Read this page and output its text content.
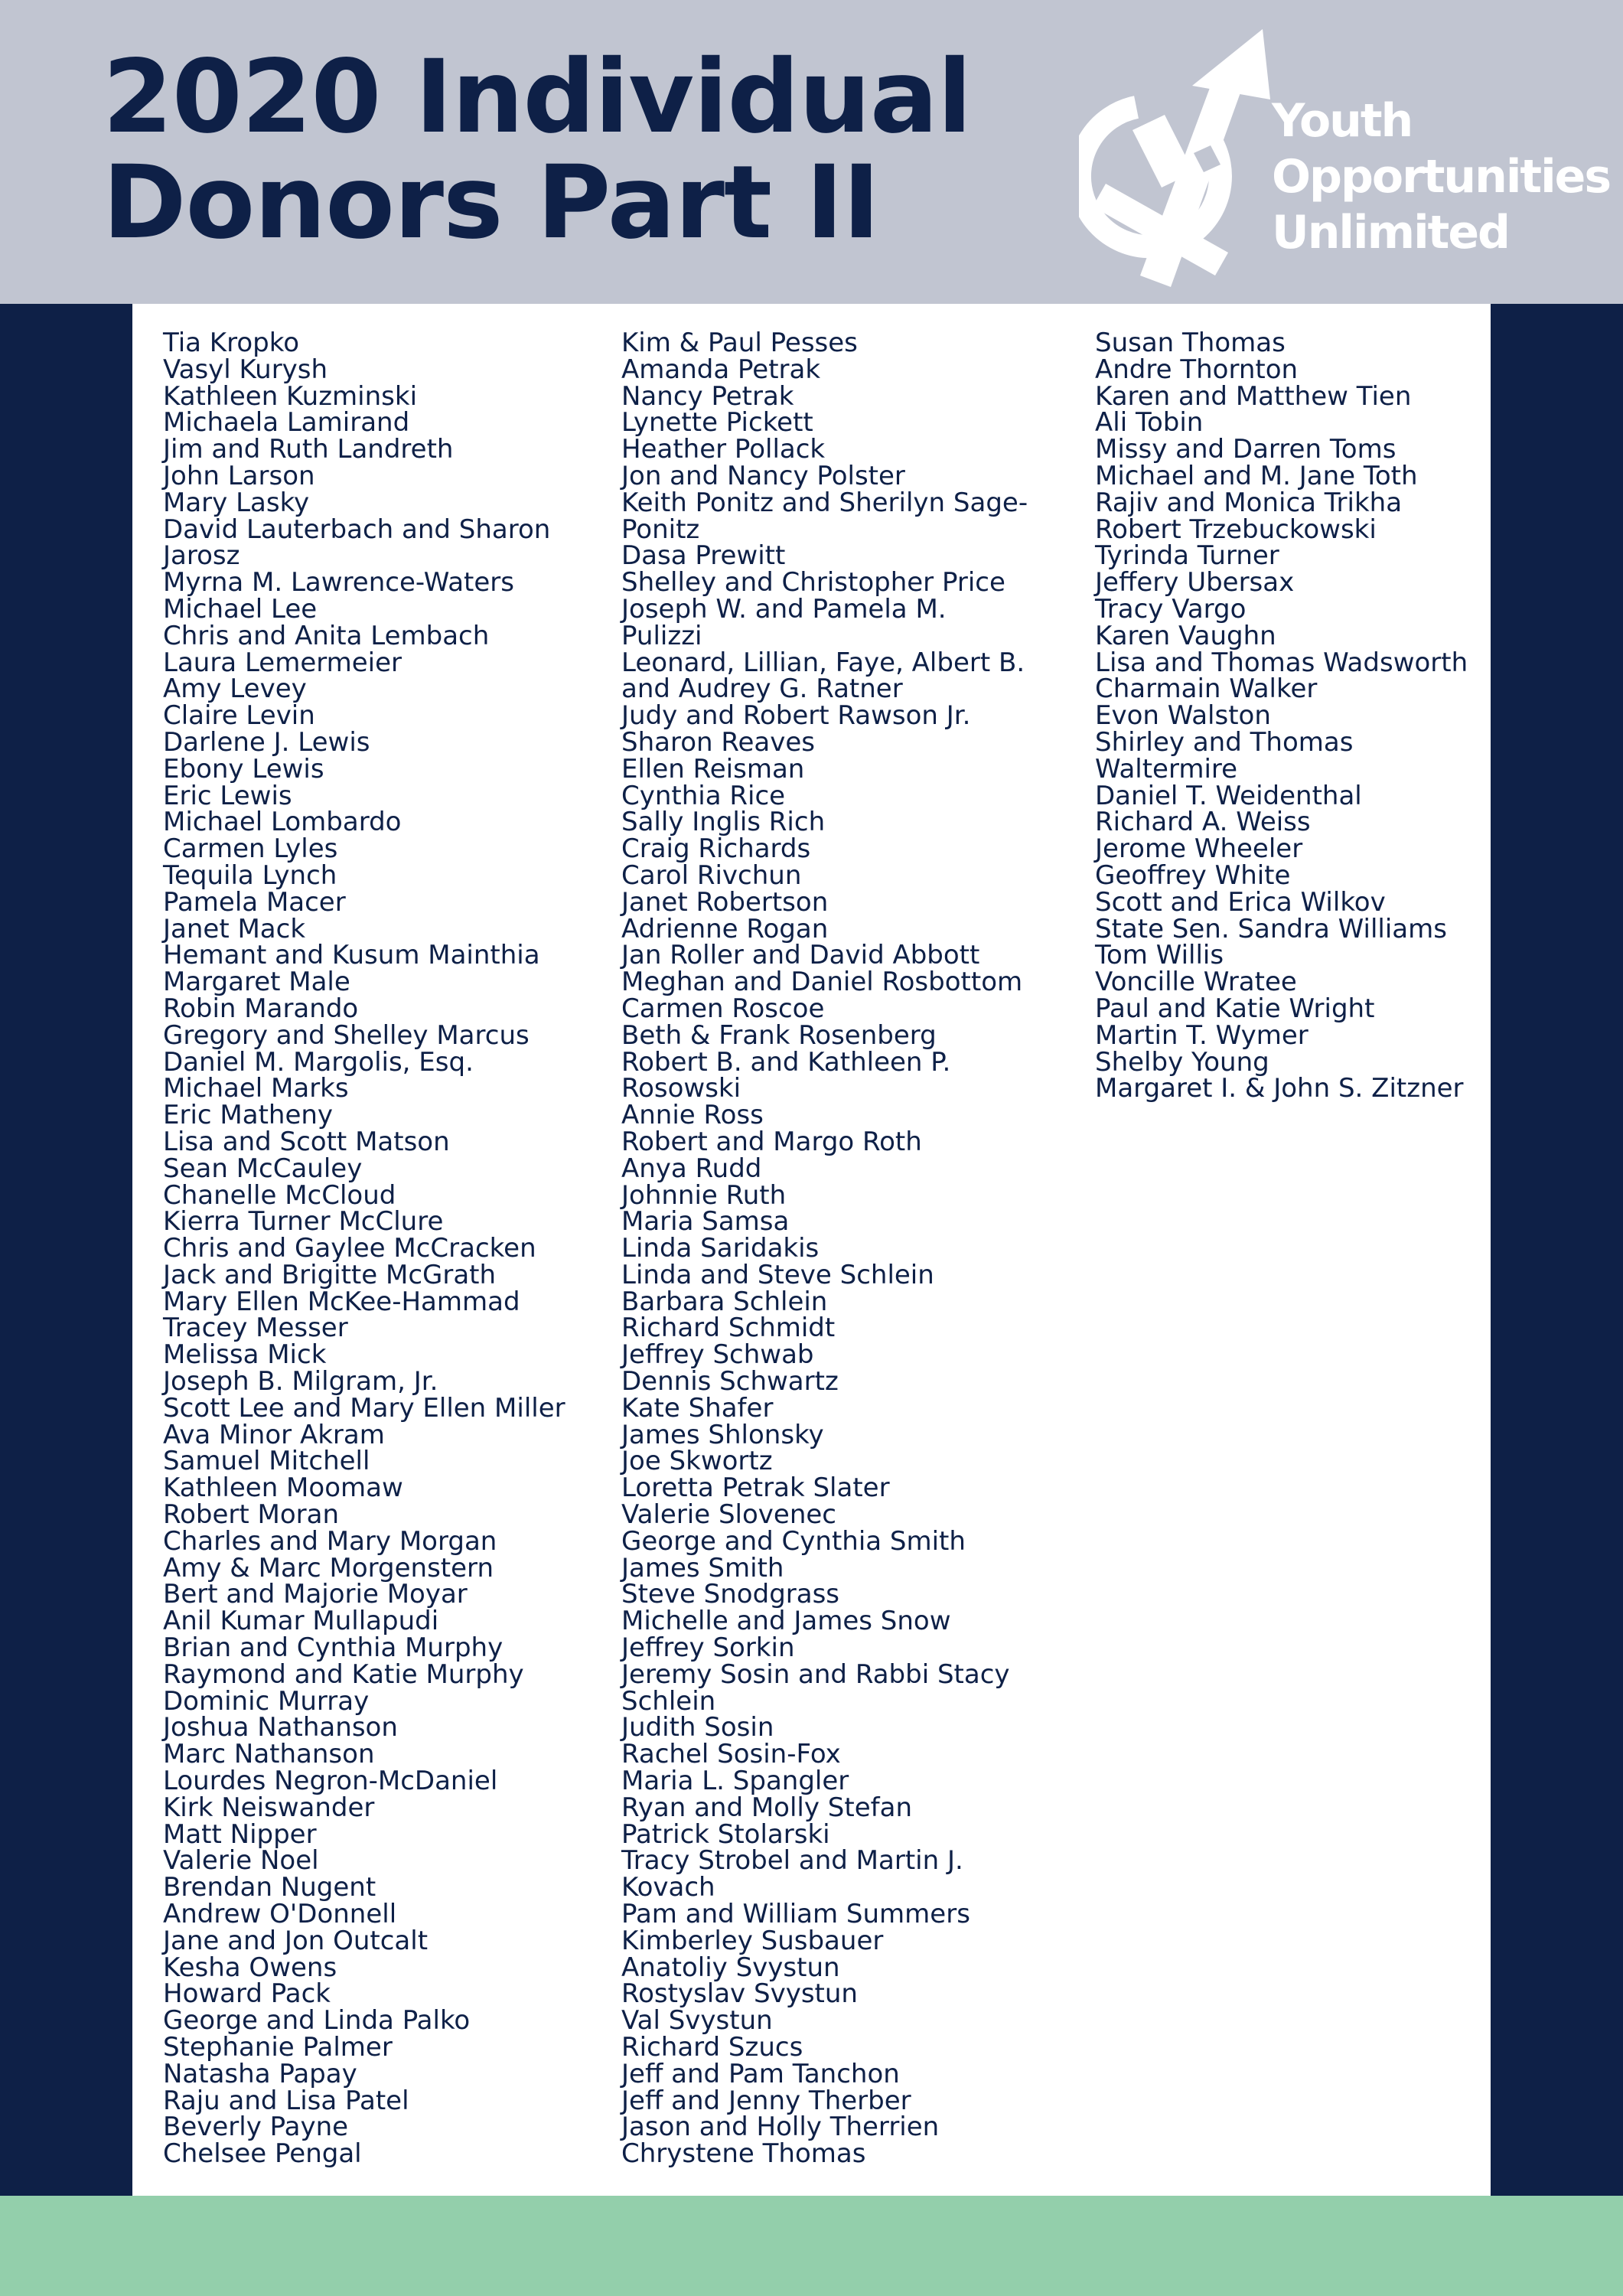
2020 Individual
Donors Part II
Youth
Opportunities
Unlimited
Tia Kropko
Vasyl Kurysh
Kathleen Kuzminski
Michaela Lamirand
Jim and Ruth Landreth
John Larson
Mary Lasky
David Lauterbach and Sharon
Jarosz
Myrna M. Lawrence-Waters
Michael Lee
Chris and Anita Lembach
Laura Lemermeier
Amy Levey
Claire Levin
Darlene J. Lewis
Ebony Lewis
Eric Lewis
Michael Lombardo
Carmen Lyles
Tequila Lynch
Pamela Macer
Janet Mack
Hemant and Kusum Mainthia
Margaret Male
Robin Marando
Gregory and Shelley Marcus
Daniel M. Margolis, Esq.
Michael Marks
Eric Matheny
Lisa and Scott Matson
Sean McCauley
Chanelle McCloud
Kierra Turner McClure
Chris and Gaylee McCracken
Jack and Brigitte McGrath
Mary Ellen McKee-Hammad
Tracey Messer
Melissa Mick
Joseph B. Milgram, Jr.
Scott Lee and Mary Ellen Miller
Ava Minor Akram
Samuel Mitchell
Kathleen Moomaw
Robert Moran
Charles and Mary Morgan
Amy & Marc Morgenstern
Bert and Majorie Moyar
Anil Kumar Mullapudi
Brian and Cynthia Murphy
Raymond and Katie Murphy
Dominic Murray
Joshua Nathanson
Marc Nathanson
Lourdes Negron-McDaniel
Kirk Neiswander
Matt Nipper
Valerie Noel
Brendan Nugent
Andrew O'Donnell
Jane and Jon Outcalt
Kesha Owens
Howard Pack
George and Linda Palko
Stephanie Palmer
Natasha Papay
Raju and Lisa Patel
Beverly Payne
Chelsee Pengal
Kim & Paul Pesses
Amanda Petrak
Nancy Petrak
Lynette Pickett
Heather Pollack
Jon and Nancy Polster
Keith Ponitz and Sherilyn Sage-
Ponitz
Dasa Prewitt
Shelley and Christopher Price
Joseph W. and Pamela M.
Pulizzi
Leonard, Lillian, Faye, Albert B.
and Audrey G. Ratner
Judy and Robert Rawson Jr.
Sharon Reaves
Ellen Reisman
Cynthia Rice
Sally Inglis Rich
Craig Richards
Carol Rivchun
Janet Robertson
Adrienne Rogan
Jan Roller and David Abbott
Meghan and Daniel Rosbottom
Carmen Roscoe
Beth & Frank Rosenberg
Robert B. and Kathleen P.
Rosowski
Annie Ross
Robert and Margo Roth
Anya Rudd
Johnnie Ruth
Maria Samsa
Linda Saridakis
Linda and Steve Schlein
Barbara Schlein
Richard Schmidt
Jeffrey Schwab
Dennis Schwartz
Kate Shafer
James Shlonsky
Joe Skwortz
Loretta Petrak Slater
Valerie Slovenec
George and Cynthia Smith
James Smith
Steve Snodgrass
Michelle and James Snow
Jeffrey Sorkin
Jeremy Sosin and Rabbi Stacy
Schlein
Judith Sosin
Rachel Sosin-Fox
Maria L. Spangler
Ryan and Molly Stefan
Patrick Stolarski
Tracy Strobel and Martin J.
Kovach
Pam and William Summers
Kimberley Susbauer
Anatoliy Svystun
Rostyslav Svystun
Val Svystun
Richard Szucs
Jeff and Pam Tanchon
Jeff and Jenny Therber
Jason and Holly Therrien
Chrystene Thomas
Susan Thomas
Andre Thornton
Karen and Matthew Tien
Ali Tobin
Missy and Darren Toms
Michael and M. Jane Toth
Rajiv and Monica Trikha
Robert Trzebuckowski
Tyrinda Turner
Jeffery Ubersax
Tracy Vargo
Karen Vaughn
Lisa and Thomas Wadsworth
Charmain Walker
Evon Walston
Shirley and Thomas
Waltermire
Daniel T. Weidenthal
Richard A. Weiss
Jerome Wheeler
Geoffrey White
Scott and Erica Wilkov
State Sen. Sandra Williams
Tom Willis
Voncille Wratee
Paul and Katie Wright
Martin T. Wymer
Shelby Young
Margaret I. & John S. Zitzner
